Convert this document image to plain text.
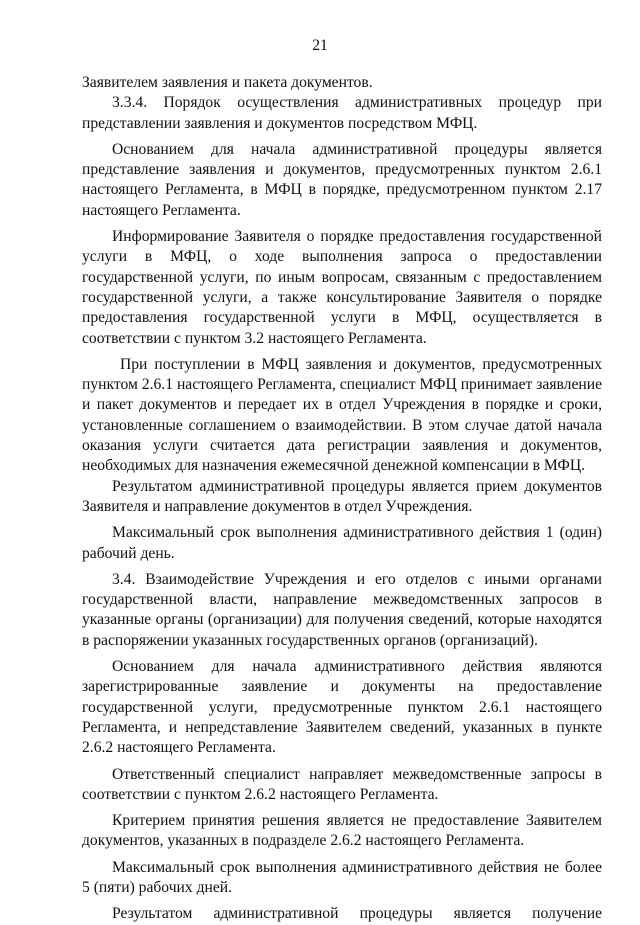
21

Заявителем заявления и пакета документов.

3.3.4. Порядок осуществления административных процедур при представлении заявления и документов посредством МФЦ.

Основанием для начала административной процедуры является представление заявления и документов, предусмотренных пунктом 2.6.1 настоящего Регламента, в МФЦ в порядке, предусмотренном пунктом 2.17 настоящего Регламента.

Информирование Заявителя о порядке предоставления государственной услуги в МФЦ, о ходе выполнения запроса о предоставлении государственной услуги, по иным вопросам, связанным с предоставлением государственной услуги, а также консультирование Заявителя о порядке предоставления государственной услуги в МФЦ, осуществляется в соответствии с пунктом 3.2 настоящего Регламента.

При поступлении в МФЦ заявления и документов, предусмотренных пунктом 2.6.1 настоящего Регламента, специалист МФЦ принимает заявление и пакет документов и передает их в отдел Учреждения в порядке и сроки, установленные соглашением о взаимодействии. В этом случае датой начала оказания услуги считается дата регистрации заявления и документов, необходимых для назначения ежемесячной денежной компенсации в МФЦ.

Результатом административной процедуры является прием документов Заявителя и направление документов в отдел Учреждения.

Максимальный срок выполнения административного действия 1 (один) рабочий день.

3.4. Взаимодействие Учреждения и его отделов с иными органами государственной власти, направление межведомственных запросов в указанные органы (организации) для получения сведений, которые находятся в распоряжении указанных государственных органов (организаций).

Основанием для начала административного действия являются зарегистрированные заявление и документы на предоставление государственной услуги, предусмотренные пунктом 2.6.1 настоящего Регламента, и непредставление Заявителем сведений, указанных в пункте 2.6.2 настоящего Регламента.

Ответственный специалист направляет межведомственные запросы в соответствии с пунктом 2.6.2 настоящего Регламента.

Критерием принятия решения является не предоставление Заявителем документов, указанных в подразделе 2.6.2 настоящего Регламента.

Максимальный срок выполнения административного действия не более 5 (пяти) рабочих дней.

Результатом административной процедуры является получение
